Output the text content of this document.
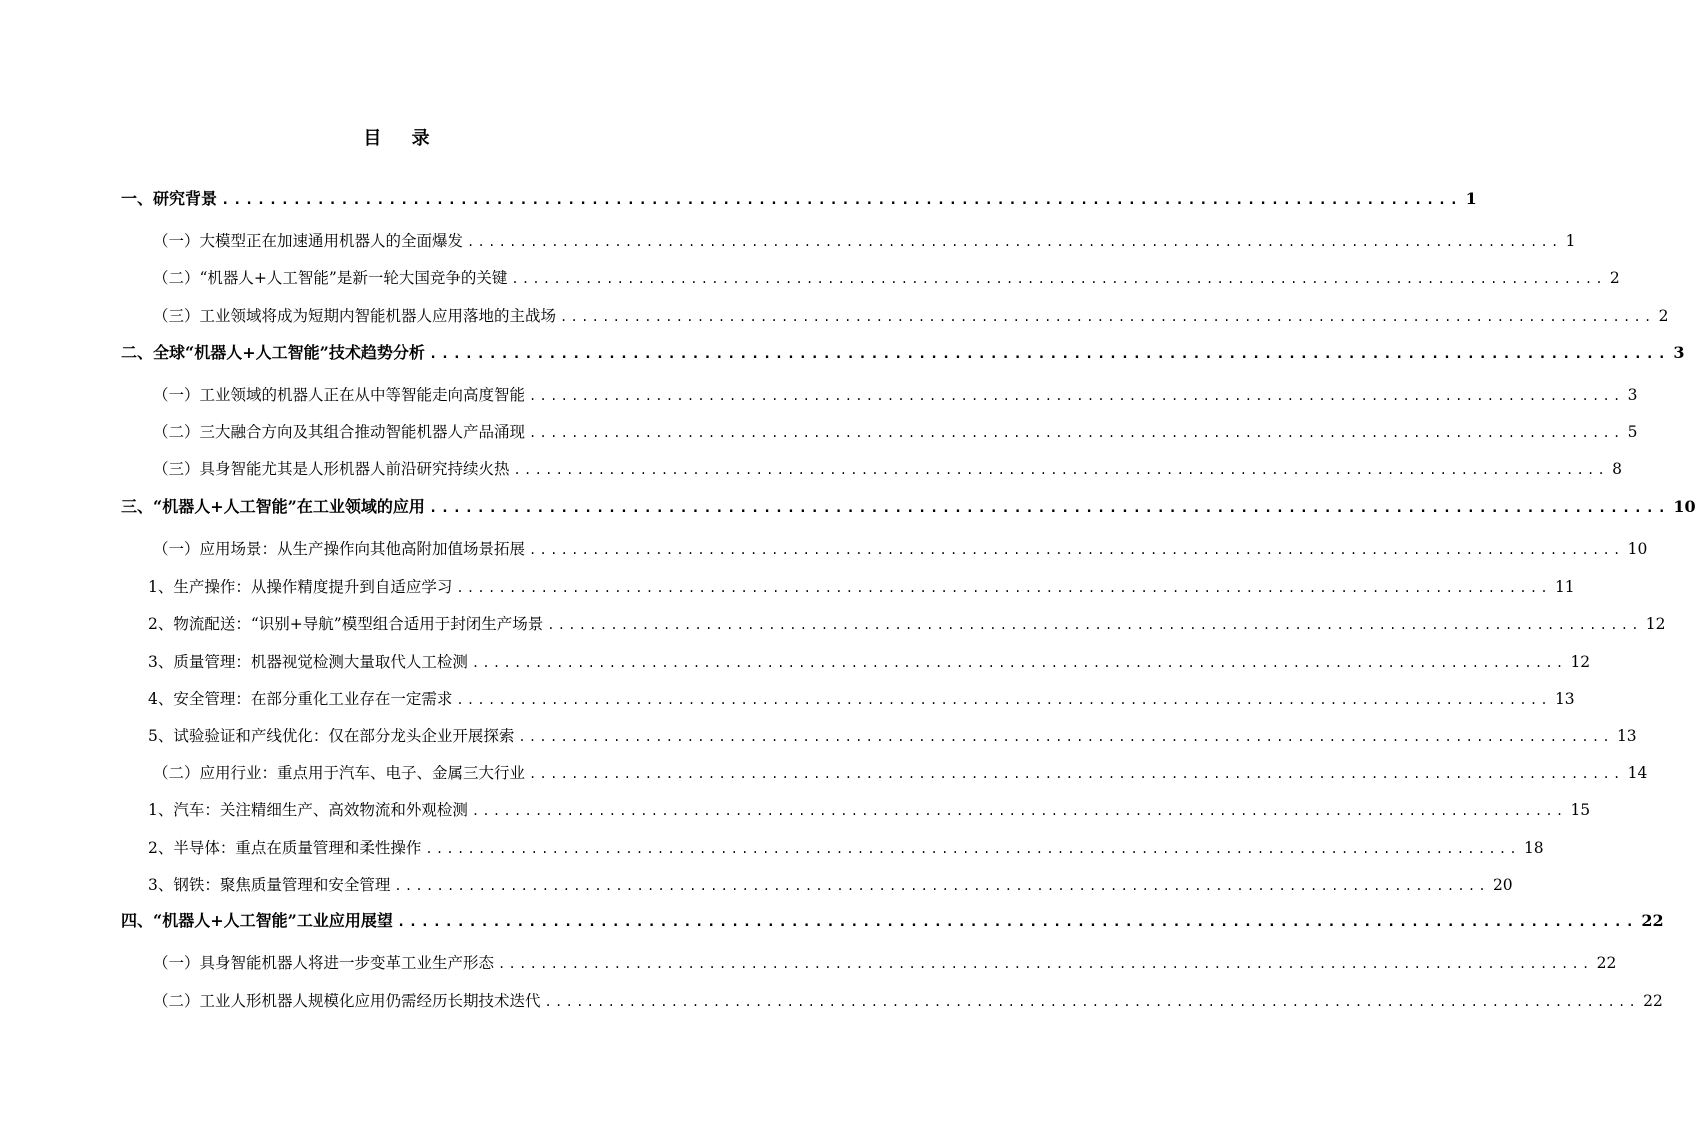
目 录
一、研究背景 ........................................................................................................ 1
（一）大模型正在加速通用机器人的全面爆发 ........................................................................................................ 1
（二）“机器人+人工智能”是新一轮大国竞争的关键 ........................................................................................................ 2
（三）工业领域将成为短期内智能机器人应用落地的主战场 ........................................................................................................ 2
二、全球“机器人+人工智能”技术趋势分析 ........................................................................................................ 3
（一）工业领域的机器人正在从中等智能走向高度智能 ........................................................................................................ 3
（二）三大融合方向及其组合推动智能机器人产品涌现 ........................................................................................................ 5
（三）具身智能尤其是人形机器人前沿研究持续火热 ........................................................................................................ 8
三、“机器人+人工智能”在工业领域的应用 ........................................................................................................ 10
（一）应用场景：从生产操作向其他高附加值场景拓展 ........................................................................................................ 10
1、生产操作：从操作精度提升到自适应学习 ........................................................................................................ 11
2、物流配送：“识别+导航”模型组合适用于封闭生产场景 ........................................................................................................ 12
3、质量管理：机器视觉检测大量取代人工检测 ........................................................................................................ 12
4、安全管理：在部分重化工业存在一定需求 ........................................................................................................ 13
5、试验验证和产线优化：仅在部分龙头企业开展探索 ........................................................................................................ 13
（二）应用行业：重点用于汽车、电子、金属三大行业 ........................................................................................................ 14
1、汽车：关注精细生产、高效物流和外观检测 ........................................................................................................ 15
2、半导体：重点在质量管理和柔性操作 ........................................................................................................ 18
3、钢铁：聚焦质量管理和安全管理 ........................................................................................................ 20
四、“机器人+人工智能”工业应用展望 ........................................................................................................ 22
（一）具身智能机器人将进一步变革工业生产形态 ........................................................................................................ 22
（二）工业人形机器人规模化应用仍需经历长期技术迭代 ........................................................................................................ 22
